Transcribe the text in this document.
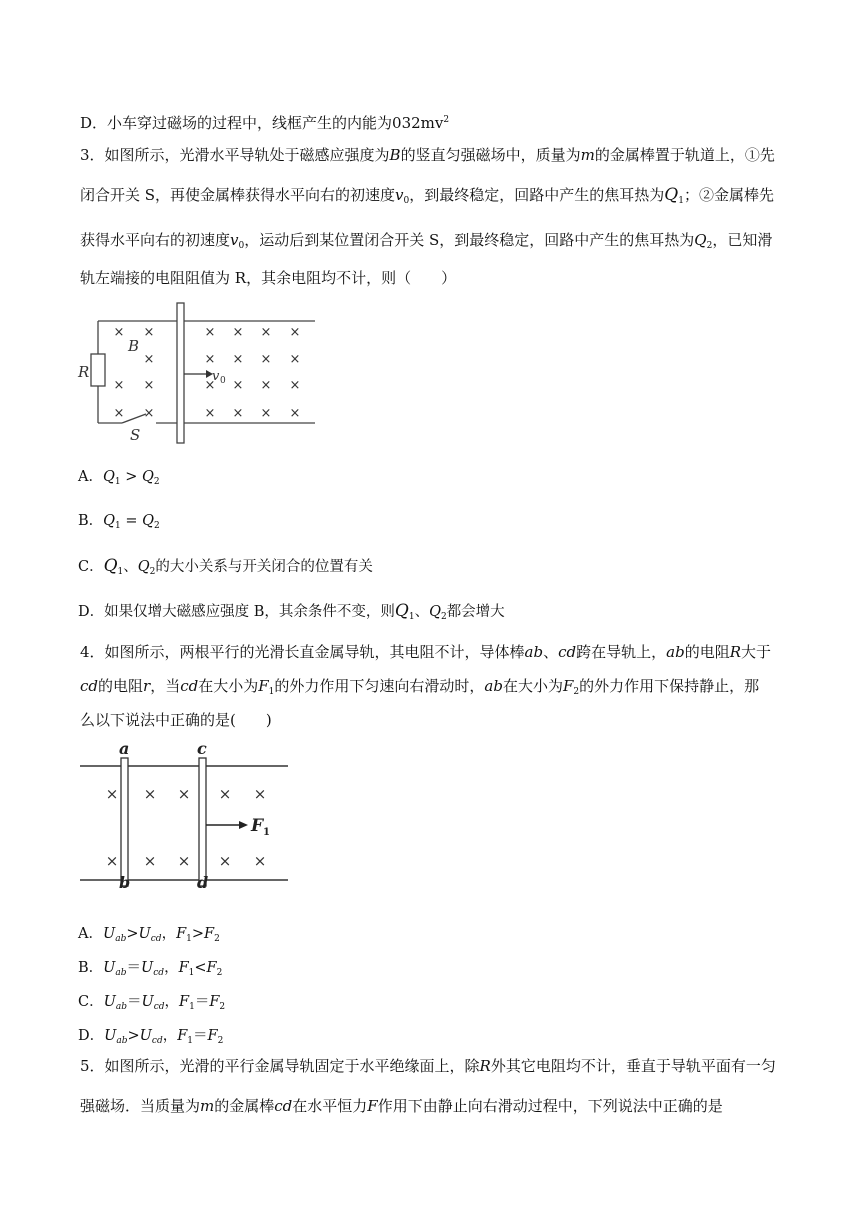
D．小车穿过磁场的过程中，线框产生的内能为$032mv^2$
3．如图所示，光滑水平导轨处于磁感应强度为B的竖直匀强磁场中，质量为m的金属棒置于轨道上，①先
闭合开关 S，再使金属棒获得水平向右的初速度$v_0$，到最终稳定，回路中产生的焦耳热为$Q_1$；②金属棒先
获得水平向右的初速度$v_0$，运动后到某位置闭合开关 S，到最终稳定，回路中产生的焦耳热为$Q_2$，已知滑
轨左端接的电阻阻值为 R，其余电阻均不计，则（　　）
× ×	× × × ×
×	× × × ×
× ×	× × × ×
× ×	× × × ×
R
B
v 0
S
A．$Q_1 > Q_2$
B．$Q_1 = Q_2$
C．$Q_1$、$Q_2$的大小关系与开关闭合的位置有关
D．如果仅增大磁感应强度 B，其余条件不变，则$Q_1$、$Q_2$都会增大
4．如图所示，两根平行的光滑长直金属导轨，其电阻不计，导体棒ab、cd跨在导轨上，ab的电阻R大于
cd的电阻r，当cd在大小为$F_1$的外力作用下匀速向右滑动时，ab在大小为$F_2$的外力作用下保持静止，那
么以下说法中正确的是(　　)
× × × × ×
× × × × ×
a	c
b	d
F 1
A．$U_{ab}>U_{cd}$，$F_1>F_2$
B．$U_{ab}=U_{cd}$，$F_1<F_2$
C．$U_{ab}=U_{cd}$，$F_1=F_2$
D．$U_{ab}>U_{cd}$，$F_1=F_2$
5．如图所示，光滑的平行金属导轨固定于水平绝缘面上，除R外其它电阻均不计，垂直于导轨平面有一匀
强磁场．当质量为m的金属棒cd在水平恒力F作用下由静止向右滑动过程中，下列说法中正确的是
